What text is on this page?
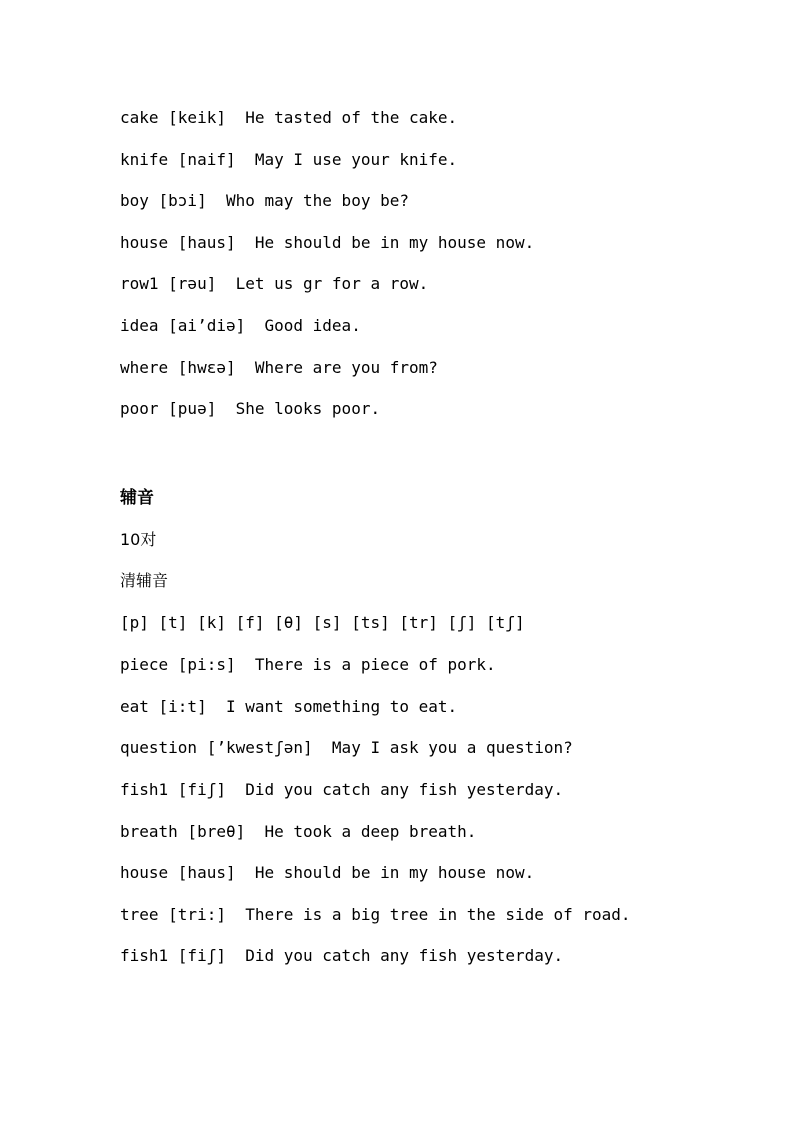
cake [keik]  He tasted of the cake.
knife [naif]  May I use your knife.
boy [bɔi]  Who may the boy be?
house [haus]  He should be in my house now.
row1 [rəu]  Let us gr for a row.
idea [ai’diə]  Good idea.
where [hwεə]  Where are you from?
poor [puə]  She looks poor.
辅音
10对
清辅音
[p] [t] [k] [f] [θ] [s] [ts] [tr] [ʃ] [tʃ]
piece [pi:s]  There is a piece of pork.
eat [i:t]  I want something to eat.
question [’kwestʃən]  May I ask you a question?
fish1 [fiʃ]  Did you catch any fish yesterday.
breath [breθ]  He took a deep breath.
house [haus]  He should be in my house now.
tree [tri:]  There is a big tree in the side of road.
fish1 [fiʃ]  Did you catch any fish yesterday.
